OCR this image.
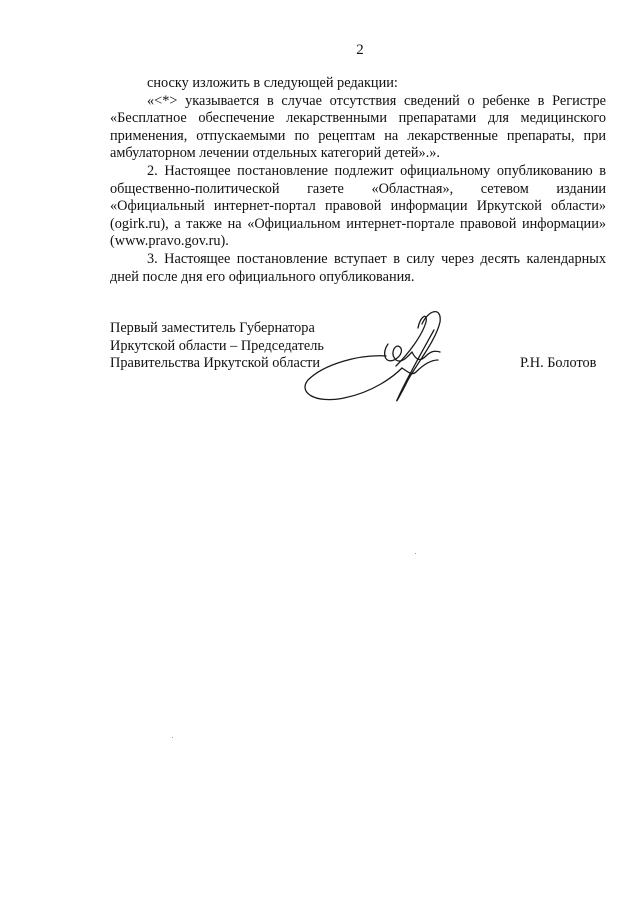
2

сноску изложить в следующей редакции:

«<*> указывается в случае отсутствия сведений о ребенке в Регистре «Бесплатное обеспечение лекарственными препаратами для медицинского применения, отпускаемыми по рецептам на лекарственные препараты, при амбулаторном лечении отдельных категорий детей».».

2. Настоящее постановление подлежит официальному опубликованию в общественно-политической газете «Областная», сетевом издании «Официальный интернет-портал правовой информации Иркутской области» (ogirk.ru), а также на «Официальном интернет-портале правовой информации» (www.pravo.gov.ru).

3. Настоящее постановление вступает в силу через десять календарных дней после дня его официального опубликования.

Первый заместитель Губернатора
Иркутской области – Председатель
Правительства Иркутской области	Р.Н. Болотов
